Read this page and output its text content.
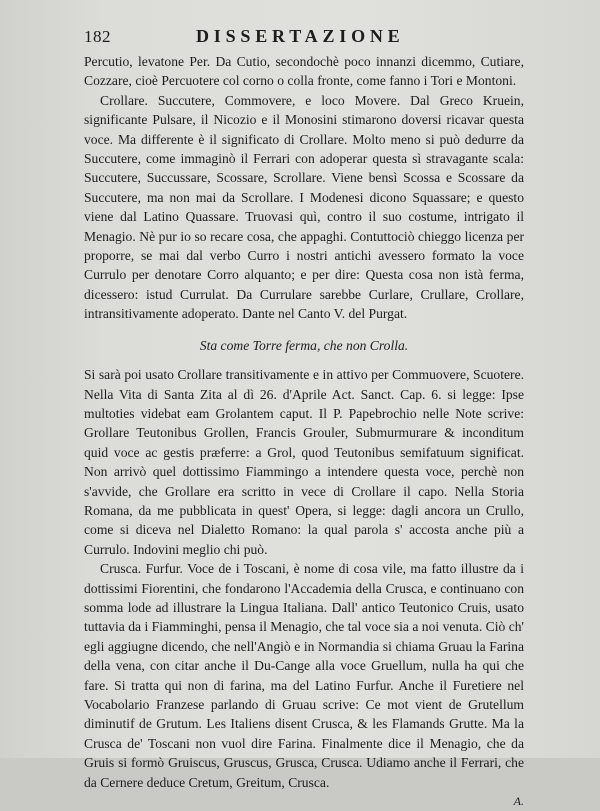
182	DISSERTAZIONE

Percutio, levatone Per. Da Cutio, secondochè poco innanzi dicemmo, Cutiare, Cozzare, cioè Percuotere col corno o colla fronte, come fanno i Tori e Montoni.

Crollare. Succutere, Commovere, e loco Movere. Dal Greco Kruein, significante Pulsare, il Nicozio e il Monosini stimarono doversi ricavar questa voce. Ma differente è il significato di Crollare. Molto meno si può dedurre da Succutere, come immaginò il Ferrari con adoperar questa sì stravagante scala: Succutere, Succussare, Scossare, Scrollare. Viene bensì Scossa e Scossare da Succutere, ma non mai da Scrollare. I Modenesi dicono Squassare; e questo viene dal Latino Quassare. Truovasi quì, contro il suo costume, intrigato il Menagio. Nè pur io so recare cosa, che appaghi. Contuttociò chieggo licenza per proporre, se mai dal verbo Curro i nostri antichi avessero formato la voce Currulo per denotare Corro alquanto; e per dire: Questa cosa non istà ferma, dicessero: istud Currulat. Da Currulare sarebbe Curlare, Crullare, Crollare, intransitivamente adoperato. Dante nel Canto V. del Purgat.

Sta come Torre ferma, che non Crolla.

Si sarà poi usato Crollare transitivamente e in attivo per Commuovere, Scuotere. Nella Vita di Santa Zita al dì 26. d'Aprile Act. Sanct. Cap. 6. si legge: Ipse multoties videbat eam Grolantem caput. Il P. Papebrochio nelle Note scrive: Grollare Teutonibus Grollen, Francis Grouler, Submurmurare & inconditum quid voce ac gestis præferre: a Grol, quod Teutonibus semifatuum significat. Non arrivò quel dottissimo Fiammingo a intendere questa voce, perchè non s'avvide, che Grollare era scritto in vece di Crollare il capo. Nella Storia Romana, da me pubblicata in quest' Opera, si legge: dagli ancora un Crullo, come si diceva nel Dialetto Romano: la qual parola s' accosta anche più a Currulo. Indovini meglio chi può.

Crusca. Furfur. Voce de i Toscani, è nome di cosa vile, ma fatto illustre da i dottissimi Fiorentini, che fondarono l'Accademia della Crusca, e continuano con somma lode ad illustrare la Lingua Italiana. Dall' antico Teutonico Cruis, usato tuttavia da i Fiamminghi, pensa il Menagio, che tal voce sia a noi venuta. Ciò ch' egli aggiugne dicendo, che nell'Angiò e in Normandia si chiama Gruau la Farina della vena, con citar anche il Du-Cange alla voce Gruellum, nulla ha qui che fare. Si tratta qui non di farina, ma del Latino Furfur. Anche il Furetiere nel Vocabolario Franzese parlando di Gruau scrive: Ce mot vient de Grutellum diminutif de Grutum. Les Italiens disent Crusca, & les Flamands Grutte. Ma la Crusca de' Toscani non vuol dire Farina. Finalmente dice il Menagio, che da Gruis si formò Gruiscus, Gruscus, Grusca, Crusca. Udiamo anche il Ferrari, che da Cernere deduce Cretum, Greitum, Crusca.

A.
